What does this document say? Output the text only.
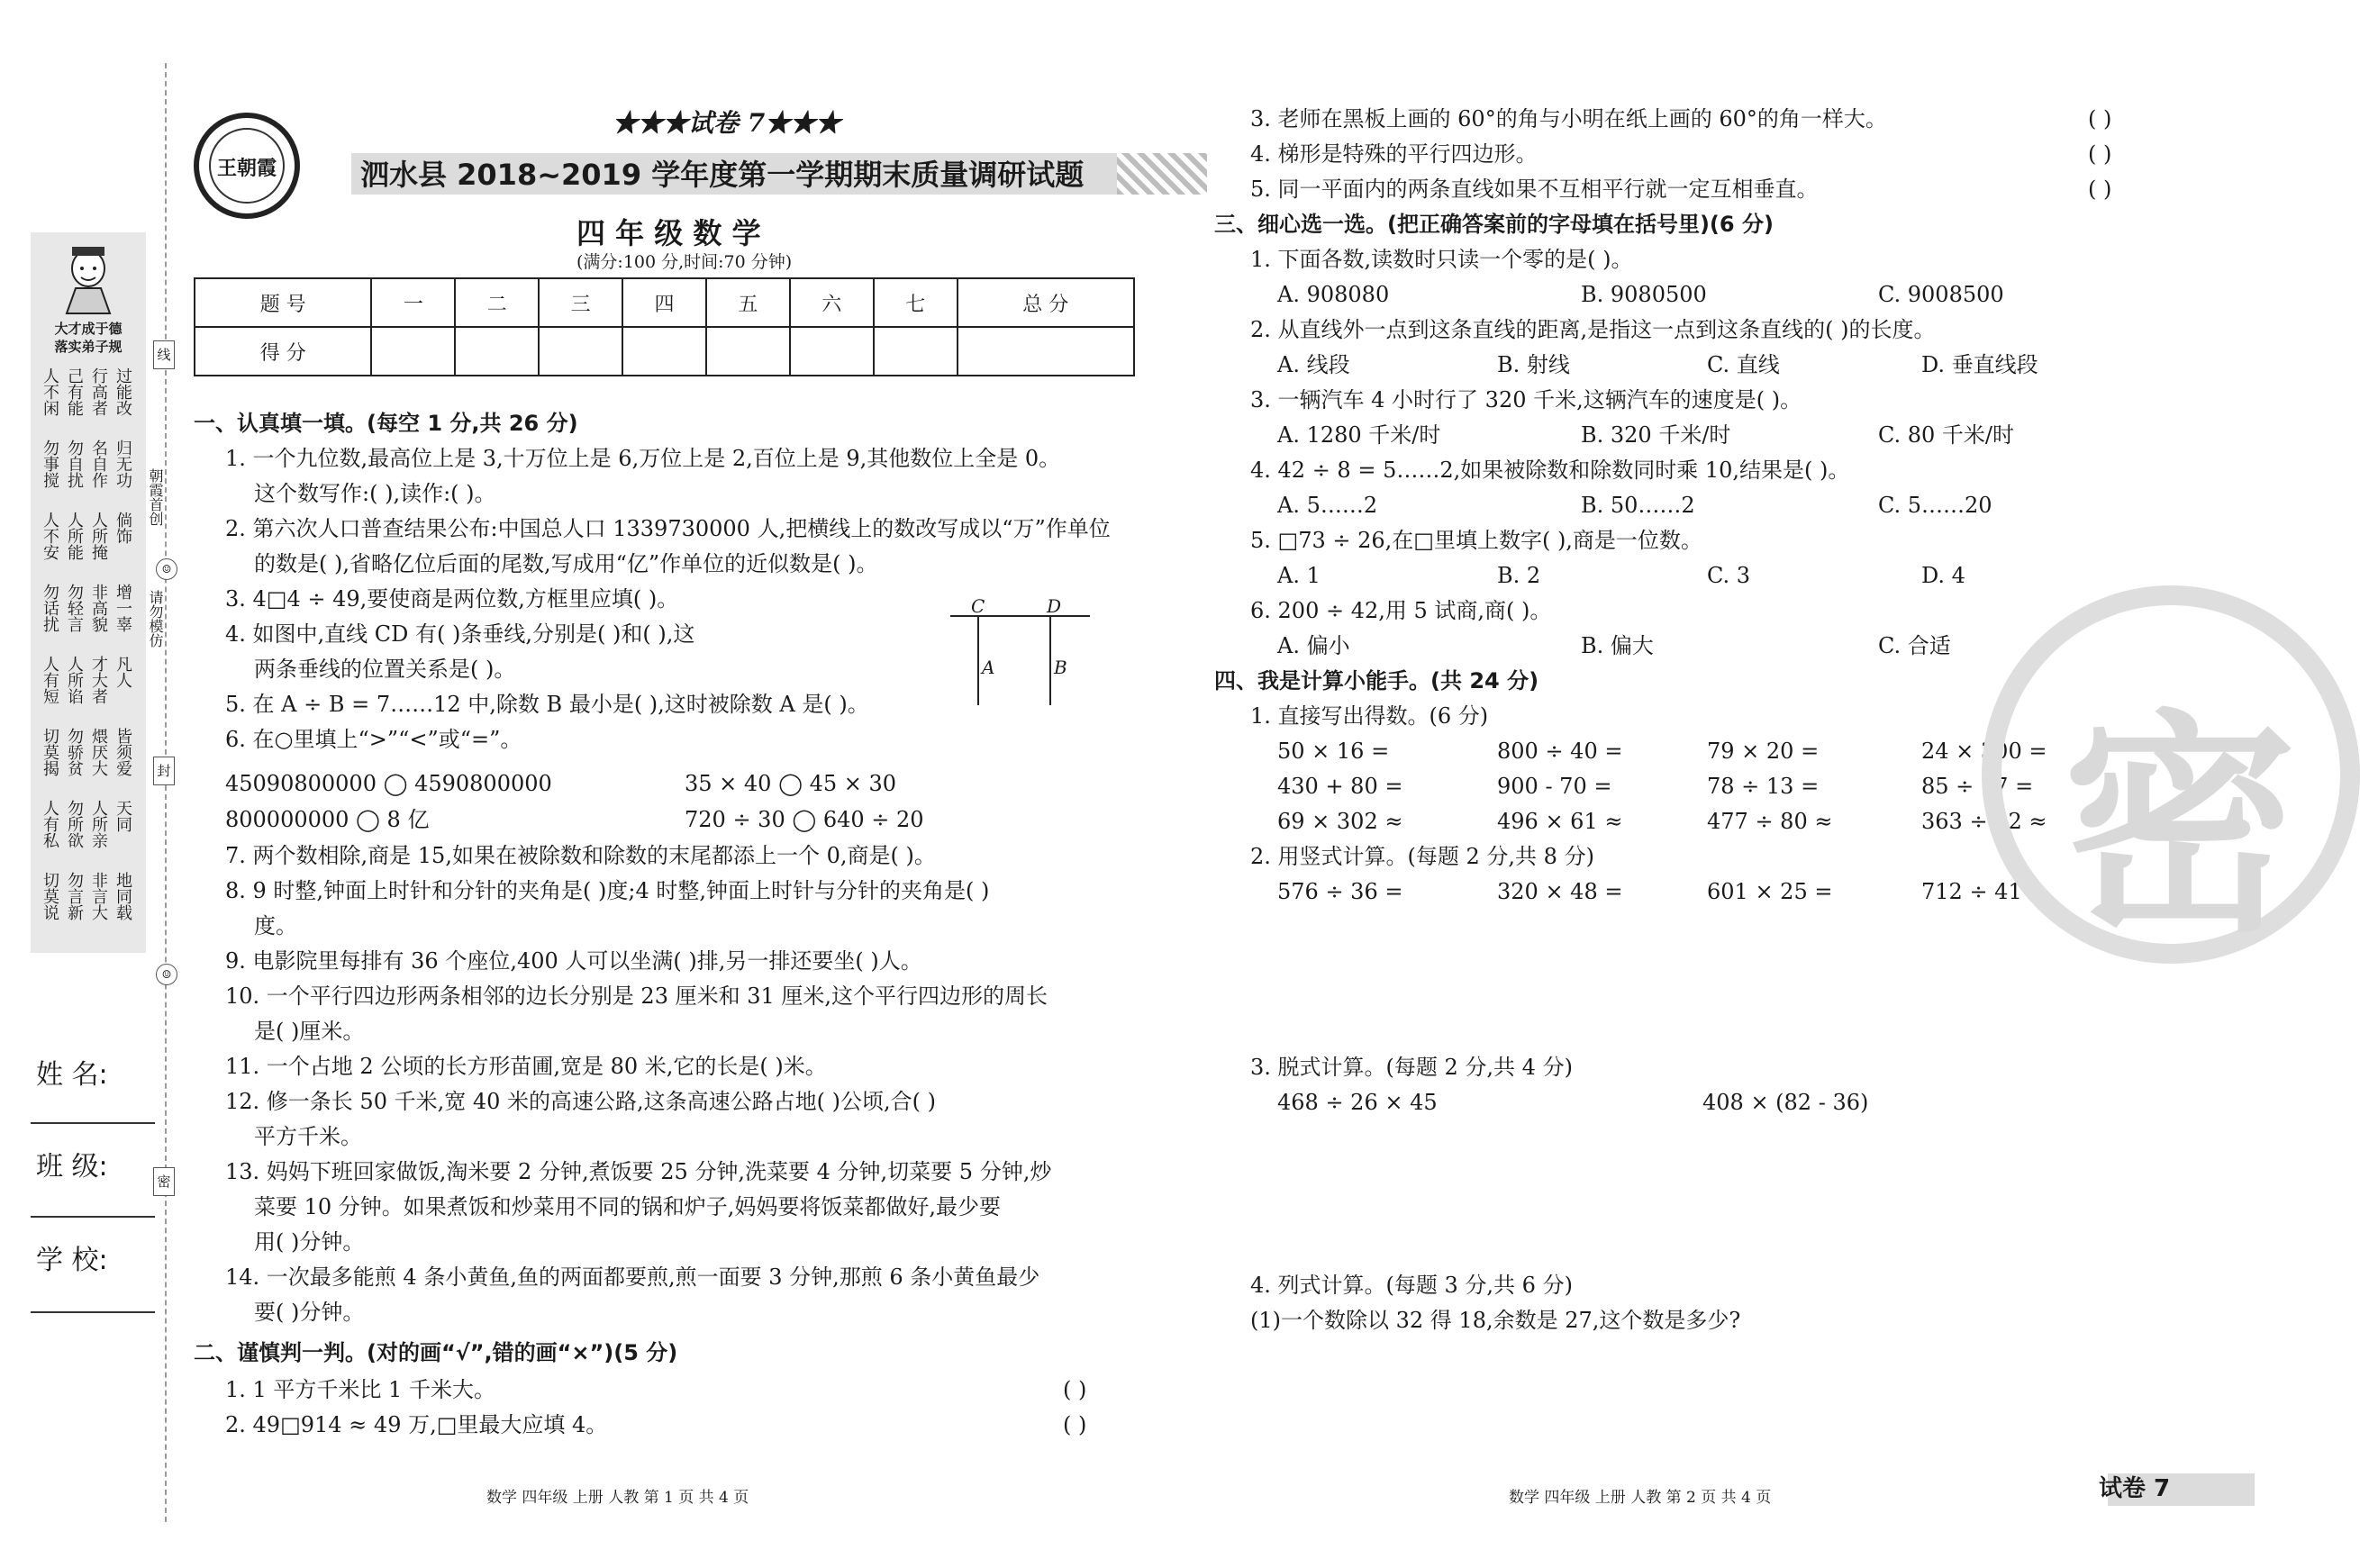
大才成于德
落实弟子规
人不闲 己有能 行高者 过能改
勿事搅 勿自扰 名自作 归无功
人不安 人所能 人所掩 倘饰
勿话扰 勿轻言 非高貌 增一辜
人有短 人所谄 才大者 凡人
切莫揭 勿骄贫 煨厌大 皆须爱
人有私 勿所欲 人所亲 天同
切莫说 勿言新 非言大 地同载
线
朝霞首创
☺
请勿模仿
封
☺
密
姓 名:
班 级:
学 校:
王朝霞
★★★试卷 7★★★
泗水县 2018~2019 学年度第一学期期末质量调研试题
四 年 级 数 学
(满分:100 分,时间:70 分钟)
题 号	一	二	三	四	五	六	七	总 分
得 分								
一、认真填一填。(每空 1 分,共 26 分)
1. 一个九位数,最高位上是 3,十万位上是 6,万位上是 2,百位上是 9,其他数位上全是 0。
这个数写作:( ),读作:( )。
2. 第六次人口普查结果公布:中国总人口 1339730000 人,把横线上的数改写成以“万”作单位
的数是( ),省略亿位后面的尾数,写成用“亿”作单位的近似数是( )。
3. 4□4 ÷ 49,要使商是两位数,方框里应填( )。
4. 如图中,直线 CD 有( )条垂线,分别是( )和( ),这
两条垂线的位置关系是( )。
5. 在 A ÷ B = 7……12 中,除数 B 最小是( ),这时被除数 A 是( )。
6. 在○里填上“>”“<”或“=”。
45090800000 ◯ 4590800000	35 × 40 ◯ 45 × 30
800000000 ◯ 8 亿	720 ÷ 30 ◯ 640 ÷ 20
7. 两个数相除,商是 15,如果在被除数和除数的末尾都添上一个 0,商是( )。
8. 9 时整,钟面上时针和分针的夹角是( )度;4 时整,钟面上时针与分针的夹角是( )
度。
9. 电影院里每排有 36 个座位,400 人可以坐满( )排,另一排还要坐( )人。
10. 一个平行四边形两条相邻的边长分别是 23 厘米和 31 厘米,这个平行四边形的周长
是( )厘米。
11. 一个占地 2 公顷的长方形苗圃,宽是 80 米,它的长是( )米。
12. 修一条长 50 千米,宽 40 米的高速公路,这条高速公路占地( )公顷,合( )
平方千米。
13. 妈妈下班回家做饭,淘米要 2 分钟,煮饭要 25 分钟,洗菜要 4 分钟,切菜要 5 分钟,炒
菜要 10 分钟。如果煮饭和炒菜用不同的锅和炉子,妈妈要将饭菜都做好,最少要
用( )分钟。
14. 一次最多能煎 4 条小黄鱼,鱼的两面都要煎,煎一面要 3 分钟,那煎 6 条小黄鱼最少
要( )分钟。
二、谨慎判一判。(对的画“√”,错的画“×”)(5 分)
1. 1 平方千米比 1 千米大。
2. 49□914 ≈ 49 万,□里最大应填 4。
C	D
A	B
( )
( )
3. 老师在黑板上画的 60°的角与小明在纸上画的 60°的角一样大。
4. 梯形是特殊的平行四边形。
5. 同一平面内的两条直线如果不互相平行就一定互相垂直。
三、细心选一选。(把正确答案前的字母填在括号里)(6 分)
1. 下面各数,读数时只读一个零的是( )。
2. 从直线外一点到这条直线的距离,是指这一点到这条直线的( )的长度。
3. 一辆汽车 4 小时行了 320 千米,这辆汽车的速度是( )。
4. 42 ÷ 8 = 5……2,如果被除数和除数同时乘 10,结果是( )。
5. □73 ÷ 26,在□里填上数字( ),商是一位数。
6. 200 ÷ 42,用 5 试商,商( )。
四、我是计算小能手。(共 24 分)
1. 直接写出得数。(6 分)
2. 用竖式计算。(每题 2 分,共 8 分)
3. 脱式计算。(每题 2 分,共 4 分)
4. 列式计算。(每题 3 分,共 6 分)
(1)一个数除以 32 得 18,余数是 27,这个数是多少?
( )
( )
( )
A. 908080	B. 9080500	C. 9008500
A. 线段	B. 射线	C. 直线	D. 垂直线段
A. 1280 千米/时	B. 320 千米/时	C. 80 千米/时
A. 5……2	B. 50……2	C. 5……20
A. 1	B. 2	C. 3	D. 4
A. 偏小	B. 偏大	C. 合适
50 × 16 =	800 ÷ 40 =	79 × 20 =	24 × 300 =
430 + 80 =	900 - 70 =	78 ÷ 13 =	85 ÷ 17 =
69 × 302 ≈	496 × 61 ≈	477 ÷ 80 ≈	363 ÷ 92 ≈
576 ÷ 36 =	320 × 48 =	601 × 25 =	712 ÷ 41 =
468 ÷ 26 × 45	408 × (82 - 36)
密
数学 四年级 上册 人教 第 1 页 共 4 页	数学 四年级 上册 人教 第 2 页 共 4 页	试卷 7
